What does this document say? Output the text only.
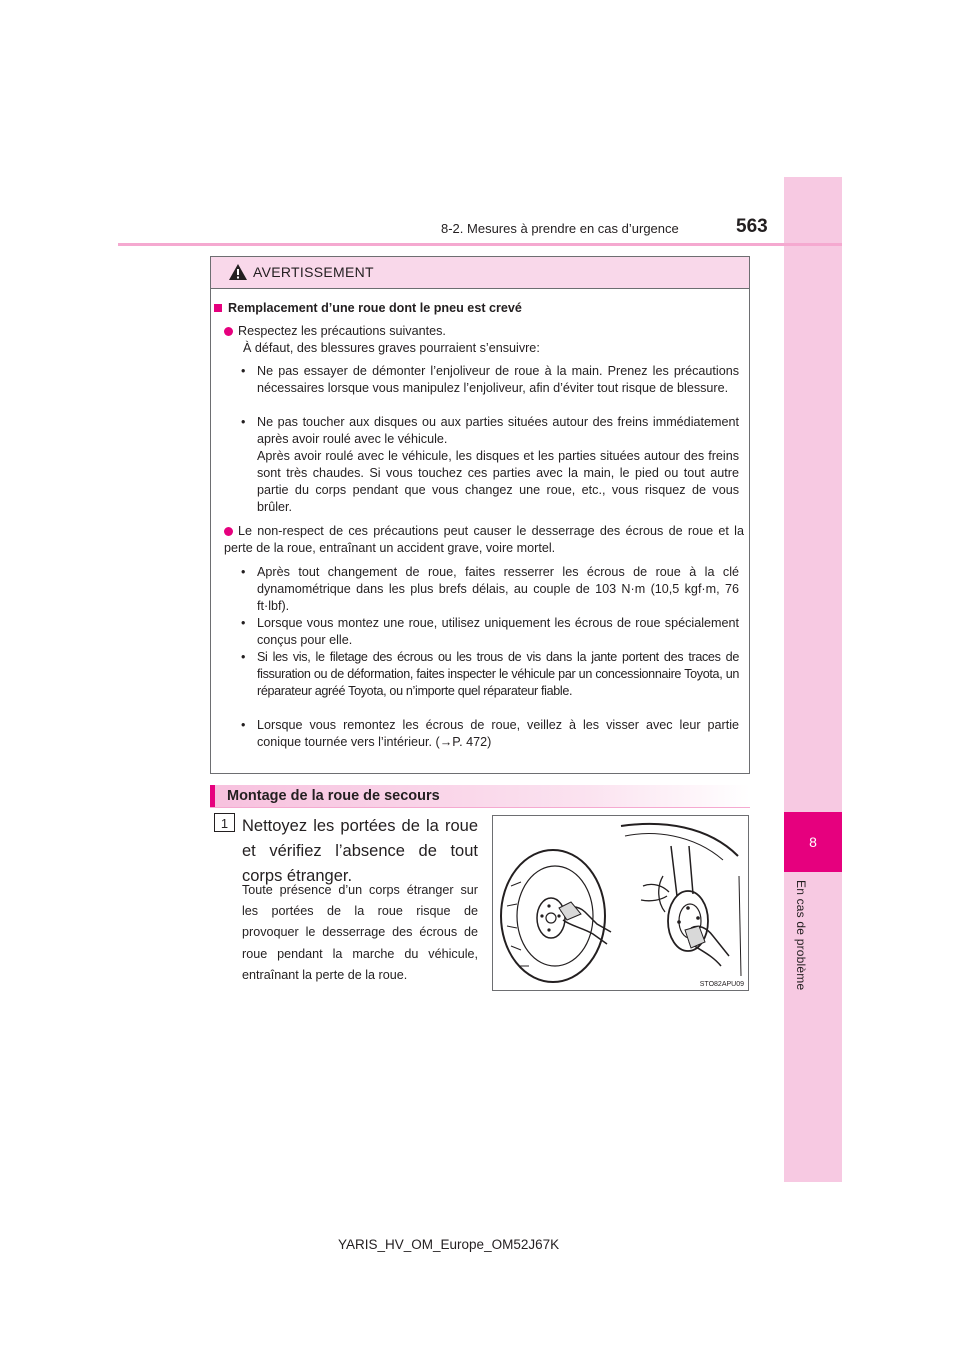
8
En cas de problème
8-2. Mesures à prendre en cas d’urgence	563
AVERTISSEMENT
Remplacement d’une roue dont le pneu est crevé
Respectez les précautions suivantes.
À défaut, des blessures graves pourraient s’ensuivre:
• Ne pas essayer de démonter l’enjoliveur de roue à la main. Prenez les précautions nécessaires lorsque vous manipulez l’enjoliveur, afin d’éviter tout risque de blessure.
• Ne pas toucher aux disques ou aux parties situées autour des freins immédiatement après avoir roulé avec le véhicule.
Après avoir roulé avec le véhicule, les disques et les parties situées autour des freins sont très chaudes. Si vous touchez ces parties avec la main, le pied ou tout autre partie du corps pendant que vous changez une roue, etc., vous risquez de vous brûler.
Le non-respect de ces précautions peut causer le desserrage des écrous de roue et la perte de la roue, entraînant un accident grave, voire mortel.
• Après tout changement de roue, faites resserrer les écrous de roue à la clé dynamométrique dans les plus brefs délais, au couple de 103 N·m (10,5 kgf·m, 76 ft·lbf).
• Lorsque vous montez une roue, utilisez uniquement les écrous de roue spécialement conçus pour elle.
• Si les vis, le filetage des écrous ou les trous de vis dans la jante portent des traces de fissuration ou de déformation, faites inspecter le véhicule par un concessionnaire Toyota, un réparateur agréé Toyota, ou n’importe quel réparateur fiable.
• Lorsque vous remontez les écrous de roue, veillez à les visser avec leur partie conique tournée vers l’intérieur. (→P. 472)
Montage de la roue de secours
1 Nettoyez les portées de la roue et vérifiez l’absence de tout corps étranger.
Toute présence d’un corps étranger sur les portées de la roue risque de provoquer le desserrage des écrous de roue pendant la marche du véhicule, entraînant la perte de la roue.
STO82APU09
YARIS_HV_OM_Europe_OM52J67K
